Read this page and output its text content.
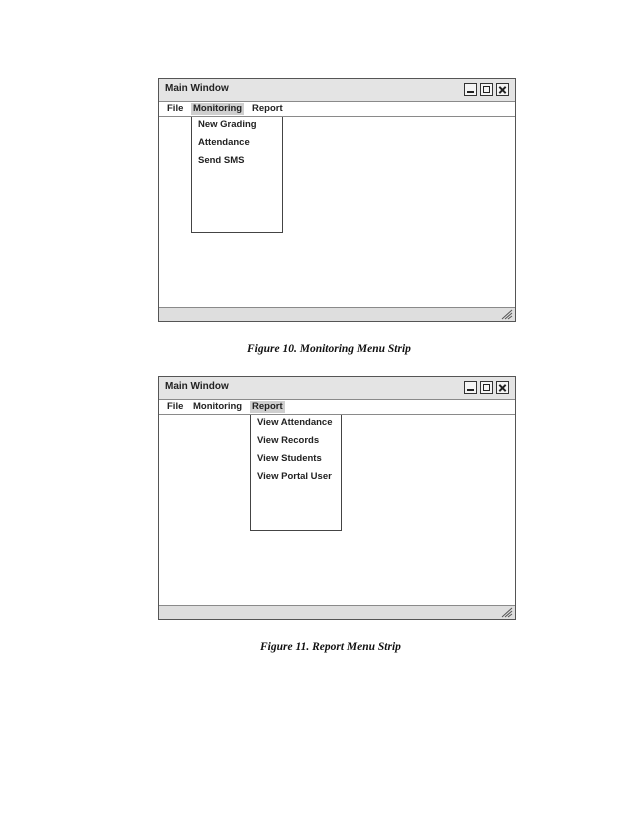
Main Window
File Monitoring Report
New Grading
Attendance
Send SMS
Figure 10. Monitoring Menu Strip
Main Window
File Monitoring Report
View Attendance
View Records
View Students
View Portal User
Figure 11. Report Menu Strip
